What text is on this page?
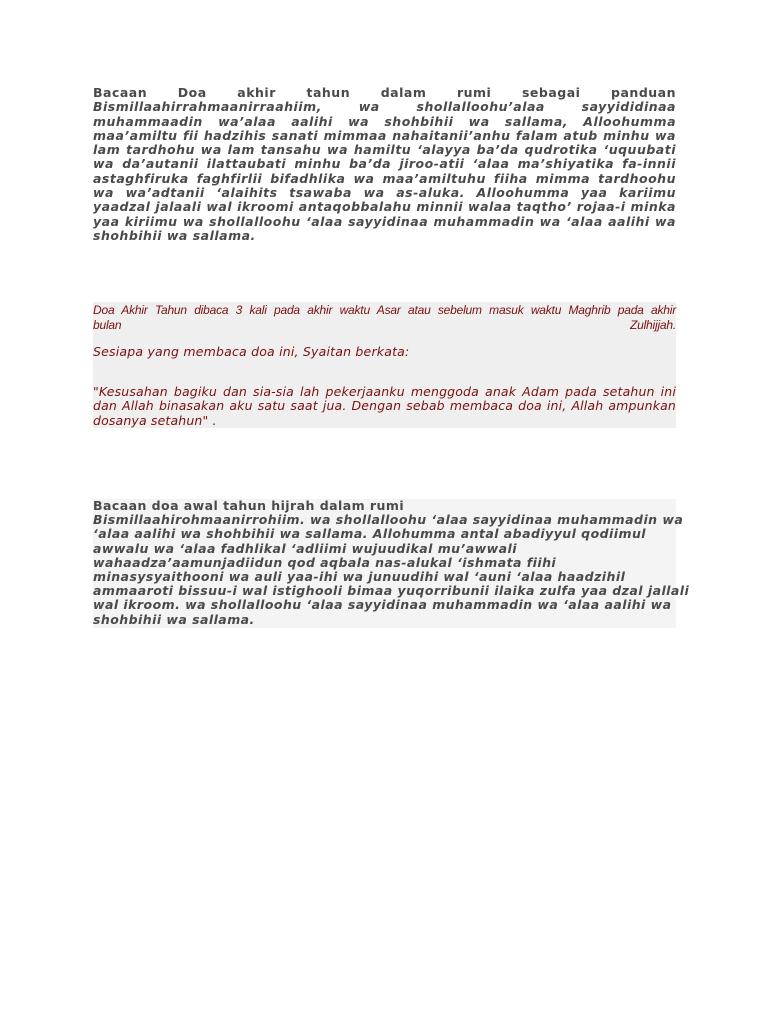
Bacaan Doa akhir tahun dalam rumi sebagai panduan
Bismillaahirrahmaanirraahiim, wa shollalloohu’alaa sayyididinaa muhammaadin wa’alaa aalihi wa shohbihii wa sallama, Alloohumma maa’amiltu fii hadzihis sanati mimmaa nahaitanii’anhu falam atub minhu wa lam tardhohu wa lam tansahu wa hamiltu ‘alayya ba’da qudrotika ‘uquubati wa da’autanii ilattaubati minhu ba’da jiroo-atii ‘alaa ma’shiyatika fa-innii astaghfiruka faghfirlii bifadhlika wa maa’amiltuhu fiiha mimma tardhoohu wa wa’adtanii ‘alaihits tsawaba wa as-aluka. Alloohumma yaa kariimu yaadzal jalaali wal ikroomi antaqobbalahu minnii walaa taqtho’ rojaa-i minka yaa kiriimu wa shollalloohu ‘alaa sayyidinaa muhammadin wa ‘alaa aalihi wa shohbihii wa sallama.
Doa Akhir Tahun dibaca 3 kali pada akhir waktu Asar atau sebelum masuk waktu Maghrib pada akhir
bulan	Zulhijjah.
Sesiapa yang membaca doa ini, Syaitan berkata:
"Kesusahan bagiku dan sia-sia lah pekerjaanku menggoda anak Adam pada setahun ini dan Allah binasakan aku satu saat jua. Dengan sebab membaca doa ini, Allah ampunkan dosanya setahun" .
Bacaan doa awal tahun hijrah dalam rumi
Bismillaahirohmaanirrohiim. wa shollalloohu ‘alaa sayyidinaa muhammadin wa
‘alaa aalihi wa shohbihii wa sallama. Allohumma antal abadiyyul qodiimul
awwalu wa ‘alaa fadhlikal ‘adliimi wujuudikal mu’awwali
wahaadza’aamunjadiidun qod aqbala nas-alukal ‘ishmata fiihi
minasysyaithooni wa auli yaa-ihi wa junuudihi wal ‘auni ‘alaa haadzihil
ammaaroti bissuu-i wal istighooli bimaa yuqorribunii ilaika zulfa yaa dzal jallali
wal ikroom. wa shollalloohu ‘alaa sayyidinaa muhammadin wa ‘alaa aalihi wa
shohbihii wa sallama.
